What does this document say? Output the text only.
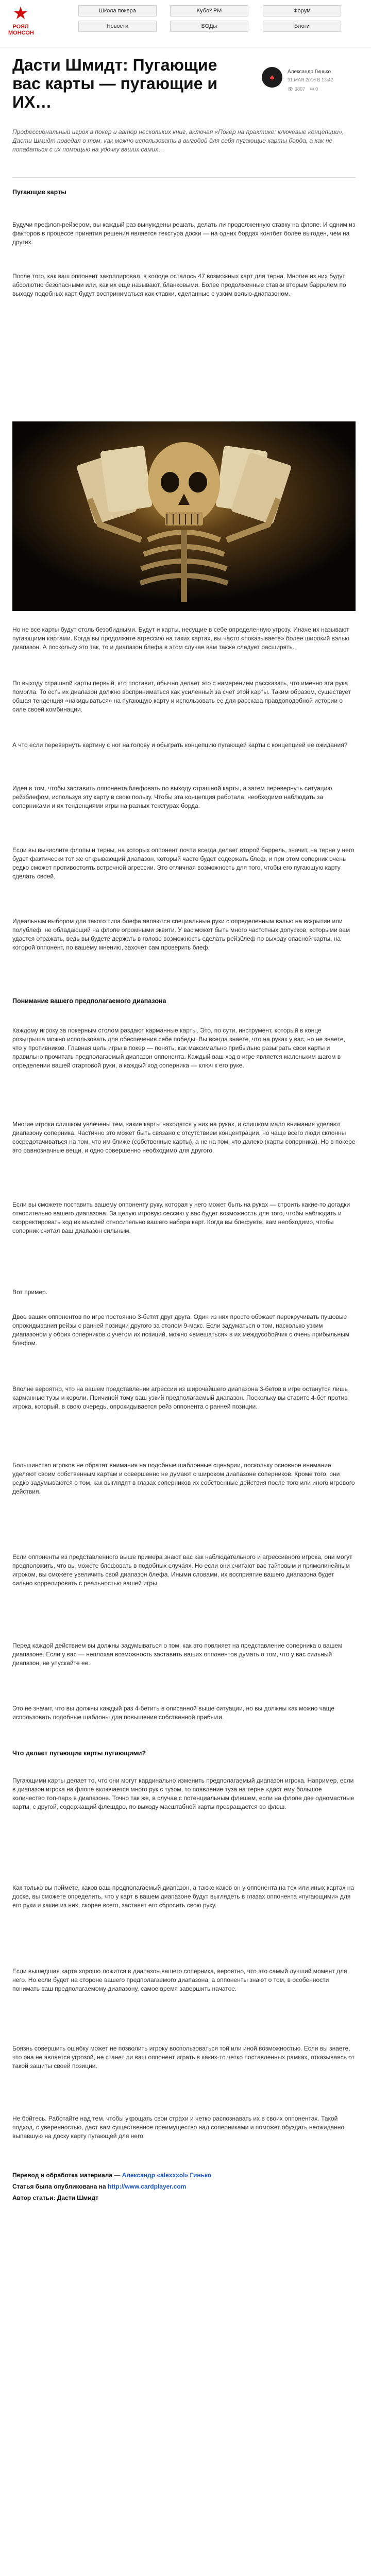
★
РОЯЛ
МОНСОН
Школа покера	Кубок РМ	Форум
Новости	ВОДы	Блоги
Дасти Шмидт: Пугающие вас карты — пугающие и ИХ…
♠
Александр Гинько
31 МАЯ 2016 В 13:42
👁 3807 ✉ 0

Профессиональный игрок в покер и автор нескольких книг, включая «Покер на практике: ключевые концепции», Дасти Шмидт поведал о том, как можно использовать в выгодой для себя пугающие карты борда, а как не попадаться с их помощью на удочку ваших самих…

Пугающие карты

Будучи префлоп-рейзером, вы каждый раз вынуждены решать, делать ли продолженную ставку на флопе. И одним из факторов в процессе принятия решения является текстура доски — на одних бордах контбет более выгоден, чем на других.

После того, как ваш оппонент заколлировал, в колоде осталось 47 возможных карт для терна. Многие из них будут абсолютно безопасными или, как их еще называют, бланковыми. Более продолженные ставки вторым баррелем по выходу подобных карт будут восприниматься как ставки, сделанные с узким вэлью-диапазоном.

Но не все карты будут столь безобидными. Будут и карты, несущие в себе определенную угрозу. Иначе их называют пугающими картами. Когда вы продолжите агрессию на таких картах, вы часто «показываете» более широкий вэлью диапазон. А поскольку это так, то и диапазон блефа в этом случае вам также следует расширять.

По выходу страшной карты первый, кто поставит, обычно делает это с намерением рассказать, что именно эта рука помогла. То есть их диапазон должно восприниматься как усиленный за счет этой карты. Таким образом, существует общая тенденция «накидываться» на пугающую карту и использовать ее для рассказа правдоподобной истории о силе своей комбинации.

А что если перевернуть картину с ног на голову и обыграть концепцию пугающей карты с концепцией ее ожидания?

Идея в том, чтобы заставить оппонента блефовать по выходу страшной карты, а затем перевернуть ситуацию рейзблефом, используя эту карту в свою пользу. Чтобы эта концепция работала, необходимо наблюдать за соперниками и их тенденциями игры на разных текстурах борда.

Если вы вычислите флопы и терны, на которых оппонент почти всегда делает второй баррель, значит, на терне у него будет фактически тот же открывающий диапазон, который часто будет содержать блеф, и при этом соперник очень редко сможет противостоять встречной агрессии. Это отличная возможность для того, чтобы его пугающую карту сделать своей.

Идеальным выбором для такого типа блефа являются специальные руки с определенным вэлью на вскрытии или полублеф, не обладающий на флопе огромными эквити. У вас может быть много частотных допусков, которыми вам удастся отражать, ведь вы будете держать в голове возможность сделать рейзблеф по выходу опасной карты, на которой оппонент, по вашему мнению, захочет сам проверить блеф.

Понимание вашего предполагаемого диапазона

Каждому игроку за покерным столом раздают карманные карты. Это, по сути, инструмент, который в конце розыгрыша можно использовать для обеспечения себе победы. Вы всегда знаете, что на руках у вас, но не знаете, что у противников. Главная цель игры в покер — понять, как максимально прибыльно разыграть свои карты и правильно прочитать предполагаемый диапазон оппонента. Каждый ваш ход в игре является маленьким шагом в определении вашей стартовой руки, а каждый ход соперника — ключ к его руке.

Многие игроки слишком увлечены тем, какие карты находятся у них на руках, и слишком мало внимания уделяют диапазону соперника. Частично это может быть связано с отсутствием концентрации, но чаще всего люди склонны сосредотачиваться на том, что им ближе (собственные карты), а не на том, что далеко (карты соперника). Но в покере это равнозначные вещи, и одно совершенно необходимо для другого.

Если вы сможете поставить вашему оппоненту руку, которая у него может быть на руках — строить какие-то догадки относительно вашего диапазона. За целую игровую сессию у вас будет возможность для того, чтобы наблюдать и скорректировать ход их мыслей относительно вашего набора карт. Когда вы блефуете, вам необходимо, чтобы соперник считал ваш диапазон сильным.

Вот пример.

Двое ваших оппонентов по игре постоянно 3-бетят друг друга. Один из них просто обожает перекручивать пушовые опрокидывания рейзы с ранней позиции другого за столом 9-макс. Если задуматься о том, насколько узким диапазоном у обоих соперников с учетом их позиций, можно «вмешаться» в их междусобойчик с очень прибыльным блефом.

Вполне вероятно, что на вашем представлении агрессии из широчайшего диапазона 3-бетов в игре останутся лишь карманные тузы и короли. Причиной тому ваш узкий предполагаемый диапазон. Поскольку вы ставите 4-бет против игрока, который, в свою очередь, опрокидывается рейз оппонента с ранней позиции.

Большинство игроков не обратят внимания на подобные шаблонные сценарии, поскольку основное внимание уделяют своим собственным картам и совершенно не думают о широком диапазоне соперников. Кроме того, они редко задумываются о том, как выглядят в глазах соперников их собственные действия после того или иного игрового действия.

Если оппоненты из представленного выше примера знают вас как наблюдательного и агрессивного игрока, они могут предположить, что вы можете блефовать в подобных случаях. Но если они считают вас тайтовым и прямолинейным игроком, вы сможете увеличить свой диапазон блефа. Иными словами, их восприятие вашего диапазона будет сильно коррелировать с реальностью вашей игры.

Перед каждой действием вы должны задумываться о том, как это повлияет на представление соперника о вашем диапазоне. Если у вас — неплохая возможность заставить ваших оппонентов думать о том, что у вас сильный диапазон, не упускайте ее.

Это не значит, что вы должны каждый раз 4-бетить в описанной выше ситуации, но вы должны как можно чаще использовать подобные шаблоны для повышения собственной прибыли.

Что делает пугающие карты пугающими?

Пугающими карты делает то, что они могут кардинально изменить предполагаемый диапазон игрока. Например, если в диапазон игрока на флопе включается много рук с тузом, то появление туза на терне «даст ему большое количество топ-пар» в диапазоне. Точно так же, в случае с потенциальным флешем, если на флопе две одномастные карты, с другой, содержащий флешдро, по выходу масштабной карты превращается во флеш.

Как только вы поймете, каков ваш предполагаемый диапазон, а также каков он у оппонента на тех или иных картах на доске, вы сможете определить, что у карт в вашем диапазоне будут выглядеть в глазах оппонента «пугающими» для его руки и какие из них, скорее всего, заставят его сбросить свою руку.

Если вышедшая карта хорошо ложится в диапазон вашего соперника, вероятно, что это самый лучший момент для него. Но если будет на стороне вашего предполагаемого диапазона, а оппоненты знают о том, в особенности понимать ваш предполагаемому диапазону, самое время завершить начатое.

Боязнь совершить ошибку может не позволить игроку воспользоваться той или иной возможностью. Если вы знаете, что она не является угрозой, не станет ли ваш оппонент играть в каких-то четко поставленных рамках, отказываясь от такой защиты своей позиции.

Не бойтесь. Работайте над тем, чтобы укрощать свои страхи и четко распознавать их в своих оппонентах. Такой подход, с уверенностью, даст вам существенное преимущество над соперниками и поможет обуздать неожиданно выпавшую на доску карту пугающей для него!

Перевод и обработка материала — Александр «alexxxol» Гинько
Статья была опубликована на http://www.cardplayer.com
Автор статьи: Дасти Шмидт
